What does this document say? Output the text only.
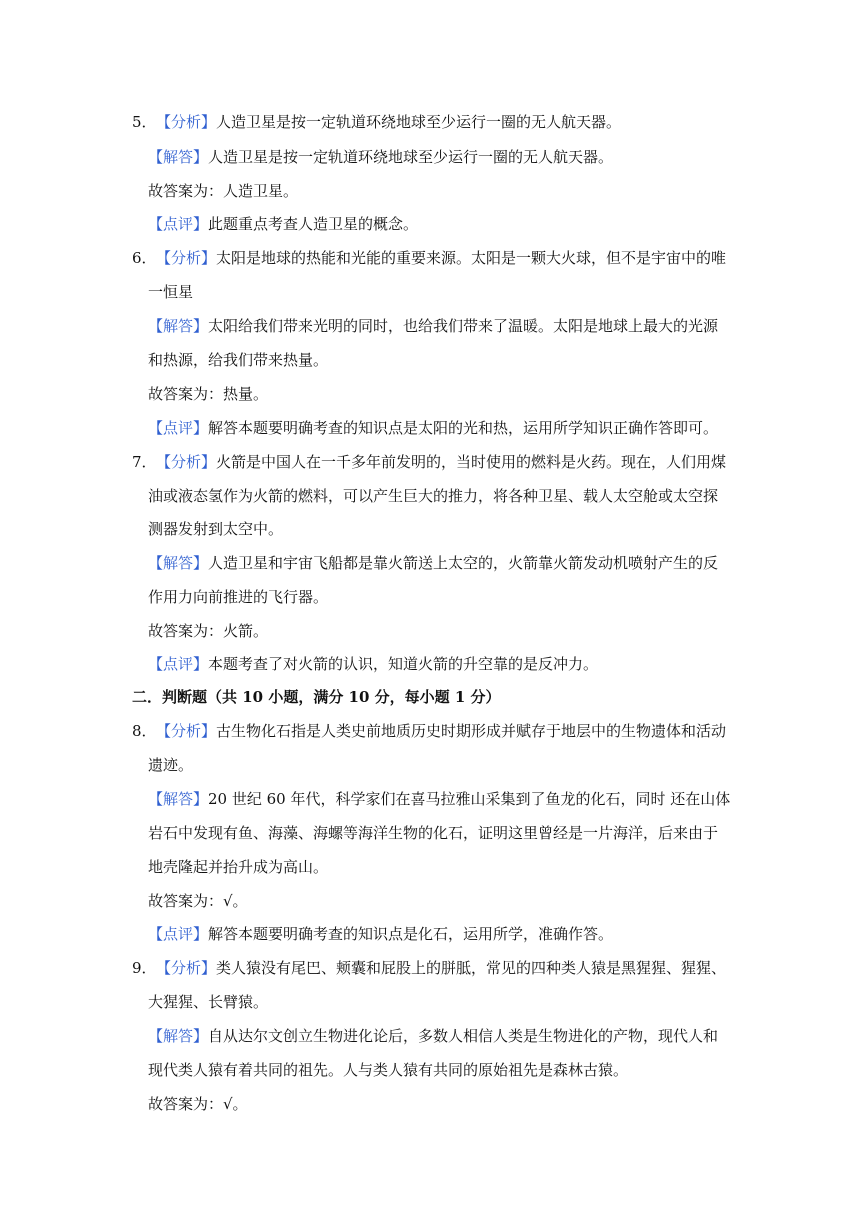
5．【分析】人造卫星是按一定轨道环绕地球至少运行一圈的无人航天器。
【解答】人造卫星是按一定轨道环绕地球至少运行一圈的无人航天器。
故答案为：人造卫星。
【点评】此题重点考查人造卫星的概念。
6．【分析】太阳是地球的热能和光能的重要来源。太阳是一颗大火球，但不是宇宙中的唯
一恒星
【解答】太阳给我们带来光明的同时，也给我们带来了温暖。太阳是地球上最大的光源
和热源，给我们带来热量。
故答案为：热量。
【点评】解答本题要明确考查的知识点是太阳的光和热，运用所学知识正确作答即可。
7．【分析】火箭是中国人在一千多年前发明的，当时使用的燃料是火药。现在，人们用煤
油或液态氢作为火箭的燃料，可以产生巨大的推力，将各种卫星、载人太空舱或太空探
测器发射到太空中。
【解答】人造卫星和宇宙飞船都是靠火箭送上太空的，火箭靠火箭发动机喷射产生的反
作用力向前推进的飞行器。
故答案为：火箭。
【点评】本题考查了对火箭的认识，知道火箭的升空靠的是反冲力。
二．判断题（共 10 小题，满分 10 分，每小题 1 分）
8．【分析】古生物化石指是人类史前地质历史时期形成并赋存于地层中的生物遗体和活动
遗迹。
【解答】20 世纪 60 年代，科学家们在喜马拉雅山采集到了鱼龙的化石，同时 还在山体
岩石中发现有鱼、海藻、海螺等海洋生物的化石，证明这里曾经是一片海洋，后来由于
地壳隆起并抬升成为高山。
故答案为：√。
【点评】解答本题要明确考查的知识点是化石，运用所学，准确作答。
9．【分析】类人猿没有尾巴、颊囊和屁股上的胼胝，常见的四种类人猿是黑猩猩、猩猩、
大猩猩、长臂猿。
【解答】自从达尔文创立生物进化论后，多数人相信人类是生物进化的产物，现代人和
现代类人猿有着共同的祖先。人与类人猿有共同的原始祖先是森林古猿。
故答案为：√。
